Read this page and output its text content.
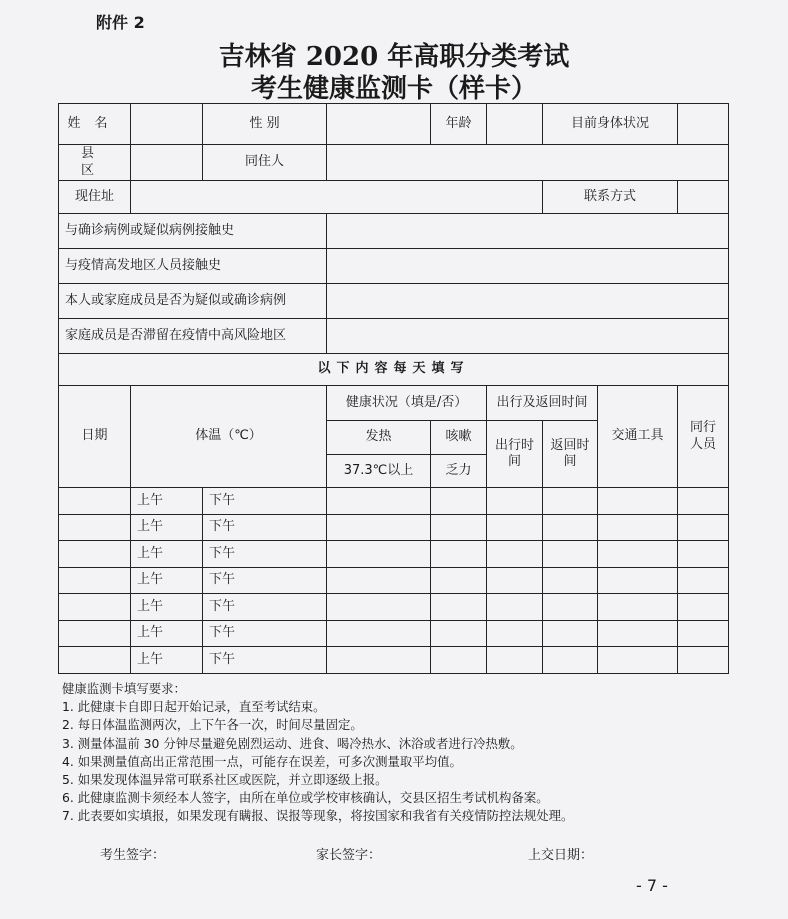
附件 2
吉林省 2020 年高职分类考试
考生健康监测卡（样卡）
姓名		性 别		年龄		目前身体状况		
县 区		同住人						
现住址						联系方式		
与确诊病例或疑似病例接触史								
与疫情高发地区人员接触史								
本人或家庭成员是否为疑似或确诊病例								
家庭成员是否滞留在疫情中高风险地区								
以下内容每天填写								
日期	体温（℃）		健康状况（填是/否）		出行及返回时间		交通工具	同行人员
			发热	咳嗽	出行时间	返回时间		
			37.3℃以上	乏力				
	上午	下午						
	上午	下午						
	上午	下午						
	上午	下午						
	上午	下午						
	上午	下午						
	上午	下午						
健康监测卡填写要求：
1. 此健康卡自即日起开始记录，直至考试结束。
2. 每日体温监测两次，上下午各一次，时间尽量固定。
3. 测量体温前 30 分钟尽量避免剧烈运动、进食、喝冷热水、沐浴或者进行冷热敷。
4. 如果测量值高出正常范围一点，可能存在误差，可多次测量取平均值。
5. 如果发现体温异常可联系社区或医院，并立即逐级上报。
6. 此健康监测卡须经本人签字，由所在单位或学校审核确认，交县区招生考试机构备案。
7. 此表要如实填报，如果发现有瞒报、误报等现象，将按国家和我省有关疫情防控法规处理。
考生签字：	家长签字：	上交日期：
- 7 -
